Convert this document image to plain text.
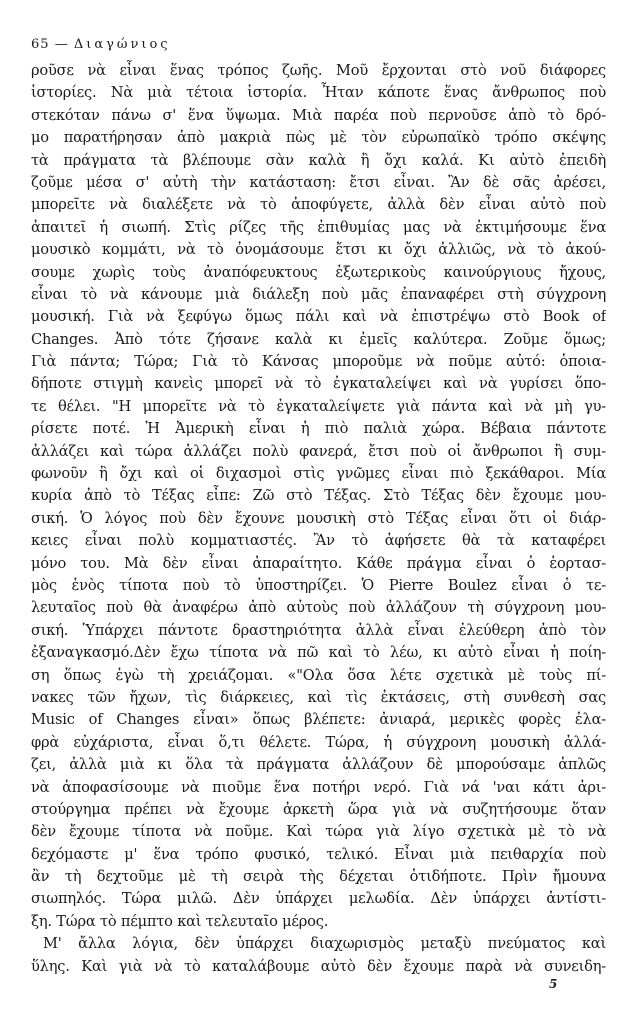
65 — Διαγώνιος
ροῦσε νὰ εἶναι ἕνας τρόπος ζωῆς. Μοῦ ἔρχονται στὸ νοῦ διάφορες
ἱστορίες. Νὰ μιὰ τέτοια ἱστορία. Ἦταν κάποτε ἕνας ἄνθρωπος ποὺ
στεκόταν πάνω σ' ἕνα ὕψωμα. Μιὰ παρέα ποὺ περνοῦσε ἀπὸ τὸ δρό-
μο παρατήρησαν ἀπὸ μακριὰ πὼς μὲ τὸν εὐρωπαϊκὸ τρόπο σκέψης
τὰ πράγματα τὰ βλέπουμε σὰν καλὰ ἢ ὄχι καλά. Κι αὐτὸ ἐπειδὴ
ζοῦμε μέσα σ' αὐτὴ τὴν κατάσταση: ἔτσι εἶναι. Ἂν δὲ σᾶς ἀρέσει,
μπορεῖτε νὰ διαλέξετε νὰ τὸ ἀποφύγετε, ἀλλὰ δὲν εἶναι αὐτὸ ποὺ
ἀπαιτεῖ ἡ σιωπή. Στὶς ρίζες τῆς ἐπιθυμίας μας νὰ ἐκτιμήσουμε ἕνα
μουσικὸ κομμάτι, νὰ τὸ ὀνομάσουμε ἔτσι κι ὄχι ἀλλιῶς, νὰ τὸ ἀκού-
σουμε χωρὶς τοὺς ἀναπόφευκτους ἐξωτερικοὺς καινούργιους ἤχους,
εἶναι τὸ νὰ κάνουμε μιὰ διάλεξη ποὺ μᾶς ἐπαναφέρει στὴ σύγχρονη
μουσική. Γιὰ νὰ ξεφύγω ὅμως πάλι καὶ νὰ ἐπιστρέψω στὸ Book of
Changes. Ἀπὸ τότε ζήσανε καλὰ κι ἐμεῖς καλύτερα. Ζοῦμε ὅμως;
Γιὰ πάντα; Τώρα; Γιὰ τὸ Κάνσας μποροῦμε νὰ ποῦμε αὐτό: ὁποια-
δήποτε στιγμὴ κανεὶς μπορεῖ νὰ τὸ ἐγκαταλείψει καὶ νὰ γυρίσει ὅπο-
τε θέλει. "Η μπορεῖτε νὰ τὸ ἐγκαταλείψετε γιὰ πάντα καὶ νὰ μὴ γυ-
ρίσετε ποτέ. Ἡ Ἀμερικὴ εἶναι ἡ πιὸ παλιὰ χώρα. Βέβαια πάντοτε
ἀλλάζει καὶ τώρα ἀλλάζει πολὺ φανερά, ἔτσι ποὺ οἱ ἄνθρωποι ἢ συμ-
φωνοῦν ἢ ὄχι καὶ οἱ διχασμοὶ στὶς γνῶμες εἶναι πιὸ ξεκάθαροι. Μία
κυρία ἀπὸ τὸ Τέξας εἶπε: Ζῶ στὸ Τέξας. Στὸ Τέξας δὲν ἔχουμε μου-
σική. Ὁ λόγος ποὺ δὲν ἔχουνε μουσικὴ στὸ Τέξας εἶναι ὅτι οἱ διάρ-
κειες εἶναι πολὺ κομματιαστές. Ἂν τὸ ἀφήσετε θὰ τὰ καταφέρει
μόνο του. Μὰ δὲν εἶναι ἀπαραίτητο. Κάθε πράγμα εἶναι ὁ ἑορτασ-
μὸς ἑνὸς τίποτα ποὺ τὸ ὑποστηρίζει. Ὁ Pierre Boulez εἶναι ὁ τε-
λευταῖος ποὺ θὰ ἀναφέρω ἀπὸ αὐτοὺς ποὺ ἀλλάζουν τὴ σύγχρονη μου-
σική. Ὑπάρχει πάντοτε δραστηριότητα ἀλλὰ εἶναι ἐλεύθερη ἀπὸ τὸν
ἐξαναγκασμό.Δὲν ἔχω τίποτα νὰ πῶ καὶ τὸ λέω, κι αὐτὸ εἶναι ἡ ποίη-
ση ὅπως ἐγὼ τὴ χρειάζομαι. «"Ολα ὅσα λέτε σχετικὰ μὲ τοὺς πί-
νακες τῶν ἤχων, τὶς διάρκειες, καὶ τὶς ἐκτάσεις, στὴ συνθεσὴ σας
Music of Changes εἶναι» ὅπως βλέπετε: ἀνιαρά, μερικὲς φορὲς ἐλα-
φρὰ εὐχάριστα, εἶναι ὅ,τι θέλετε. Τώρα, ἡ σύγχρονη μουσικὴ ἀλλά-
ζει, ἀλλὰ μιὰ κι ὅλα τὰ πράγματα ἀλλάζουν δὲ μπορούσαμε ἁπλῶς
νὰ ἀποφασίσουμε νὰ πιοῦμε ἕνα ποτήρι νερό. Γιὰ νά 'ναι κάτι ἀρι-
στούργημα πρέπει νὰ ἔχουμε ἀρκετὴ ὥρα γιὰ νὰ συζητήσουμε ὅταν
δὲν ἔχουμε τίποτα νὰ ποῦμε. Καὶ τώρα γιὰ λίγο σχετικὰ μὲ τὸ νὰ
δεχόμαστε μ' ἕνα τρόπο φυσικό, τελικό. Εἶναι μιὰ πειθαρχία ποὺ
ἂν τὴ δεχτοῦμε μὲ τὴ σειρὰ τὴς δέχεται ὁτιδήποτε. Πρὶν ἤμουνα
σιωπηλός. Τώρα μιλῶ. Δὲν ὑπάρχει μελωδία. Δὲν ὑπάρχει ἀντίστι-
ξη. Τώρα τὸ πέμπτο καὶ τελευταῖο μέρος.
Μ' ἄλλα λόγια, δὲν ὑπάρχει διαχωρισμὸς μεταξὺ πνεύματος καὶ
ὕλης. Καὶ γιὰ νὰ τὸ καταλάβουμε αὐτὸ δὲν ἔχουμε παρὰ νὰ συνειδη-
5
